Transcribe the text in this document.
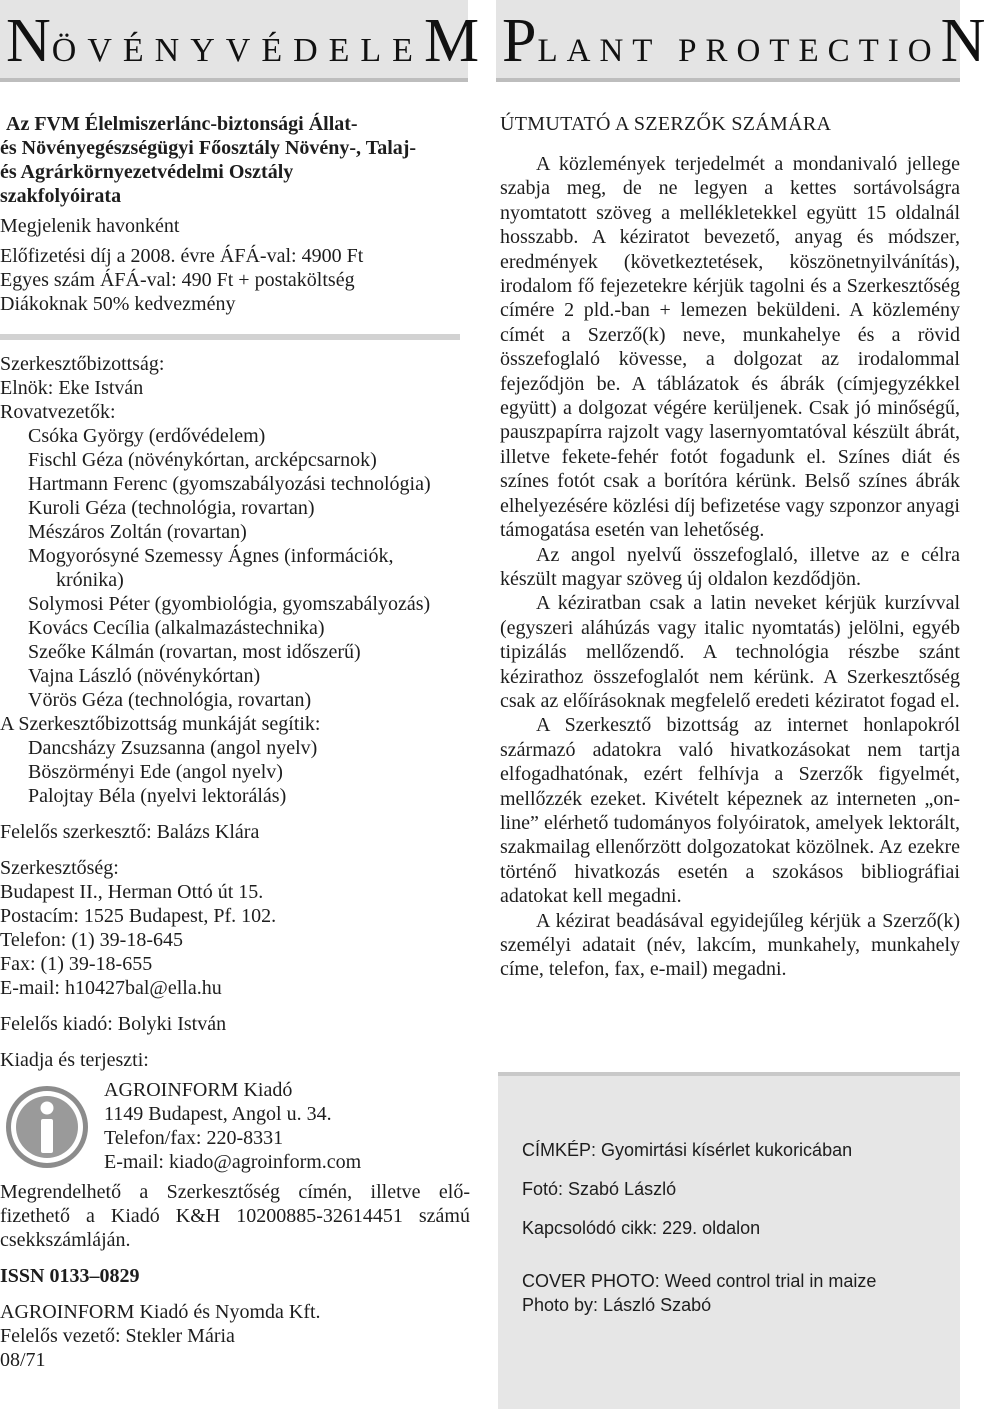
NÖVÉNYVÉDELEM PLANT PROTECTION
Az FVM Élelmiszerlánc-biztonsági Állat-
és Növényegészségügyi Főosztály Növény-, Talaj-
és Agrárkörnyezetvédelmi Osztály
szakfolyóirata
Megjelenik havonként
Előfizetési díj a 2008. évre ÁFÁ-val: 4900 Ft
Egyes szám ÁFÁ-val: 490 Ft + postaköltség
Diákoknak 50% kedvezmény
Szerkesztőbizottság:
Elnök: Eke István
Rovatvezetők:
Csóka György (erdővédelem)
Fischl Géza (növénykórtan, arcképcsarnok)
Hartmann Ferenc (gyomszabályozási technológia)
Kuroli Géza (technológia, rovartan)
Mészáros Zoltán (rovartan)
Mogyorósyné Szemessy Ágnes (információk,
krónika)
Solymosi Péter (gyombiológia, gyomszabályozás)
Kovács Cecília (alkalmazástechnika)
Szeőke Kálmán (rovartan, most időszerű)
Vajna László (növénykórtan)
Vörös Géza (technológia, rovartan)
A Szerkesztőbizottság munkáját segítik:
Dancsházy Zsuzsanna (angol nyelv)
Böszörményi Ede (angol nyelv)
Palojtay Béla (nyelvi lektorálás)
Felelős szerkesztő: Balázs Klára
Szerkesztőség:
Budapest II., Herman Ottó út 15.
Postacím: 1525 Budapest, Pf. 102.
Telefon: (1) 39-18-645
Fax: (1) 39-18-655
E-mail: h10427bal@ella.hu
Felelős kiadó: Bolyki István
Kiadja és terjeszti:
AGROINFORM Kiadó
1149 Budapest, Angol u. 34.
Telefon/fax: 220-8331
E-mail: kiado@agroinform.com
Megrendelhető a Szerkesztőség címén, illetve elő-
fizethető a Kiadó K&H 10200885-32614451 számú
csekkszámláján.
ISSN 0133–0829
AGROINFORM Kiadó és Nyomda Kft.
Felelős vezető: Stekler Mária
08/71
ÚTMUTATÓ A SZERZŐK SZÁMÁRA

A közlemények terjedelmét a mondanivaló jellege szabja meg, de ne legyen a kettes sortávolságra nyomtatott szöveg a mellékletekkel együtt 15 oldalnál hosszabb. A kéziratot bevezető, anyag és módszer, eredmények (következtetések, köszönetnyilvánítás), irodalom fő fejezetekre kérjük tagolni és a Szerkesztőség címére 2 pld.-ban + lemezen beküldeni. A közlemény címét a Szerző(k) neve, munkahelye és a rövid összefoglaló kövesse, a dolgozat az irodalommal fejeződjön be. A táblázatok és ábrák (címjegyzékkel együtt) a dolgozat végére kerüljenek. Csak jó minőségű, pauszpapírra rajzolt vagy lasernyomtatóval készült ábrát, illetve fekete-fehér fotót fogadunk el. Színes diát és színes fotót csak a borítóra kérünk. Belső színes ábrák elhelyezésére közlési díj befizetése vagy szponzor anyagi támogatása esetén van lehetőség.

Az angol nyelvű összefoglaló, illetve az e célra készült magyar szöveg új oldalon kezdődjön.

A kéziratban csak a latin neveket kérjük kurzívval (egyszeri aláhúzás vagy italic nyomtatás) jelölni, egyéb tipizálás mellőzendő. A technológia részbe szánt kézirathoz összefoglalót nem kérünk. A Szerkesztőség csak az előírásoknak megfelelő eredeti kéziratot fogad el.

A Szerkesztő bizottság az internet honlapokról származó adatokra való hivatkozásokat nem tartja elfogadhatónak, ezért felhívja a Szerzők figyelmét, mellőzzék ezeket. Kivételt képeznek az interneten „on-line” elérhető tudományos folyóiratok, amelyek lektorált, szakmailag ellenőrzött dolgozatokat közölnek. Az ezekre történő hivatkozás esetén a szokásos bibliográfiai adatokat kell megadni.

A kézirat beadásával egyidejűleg kérjük a Szerző(k) személyi adatait (név, lakcím, munkahely, munkahely címe, telefon, fax, e-mail) megadni.

CÍMKÉP: Gyomirtási kísérlet kukoricában
Fotó: Szabó László
Kapcsolódó cikk: 229. oldalon
COVER PHOTO: Weed control trial in maize
Photo by: László Szabó
